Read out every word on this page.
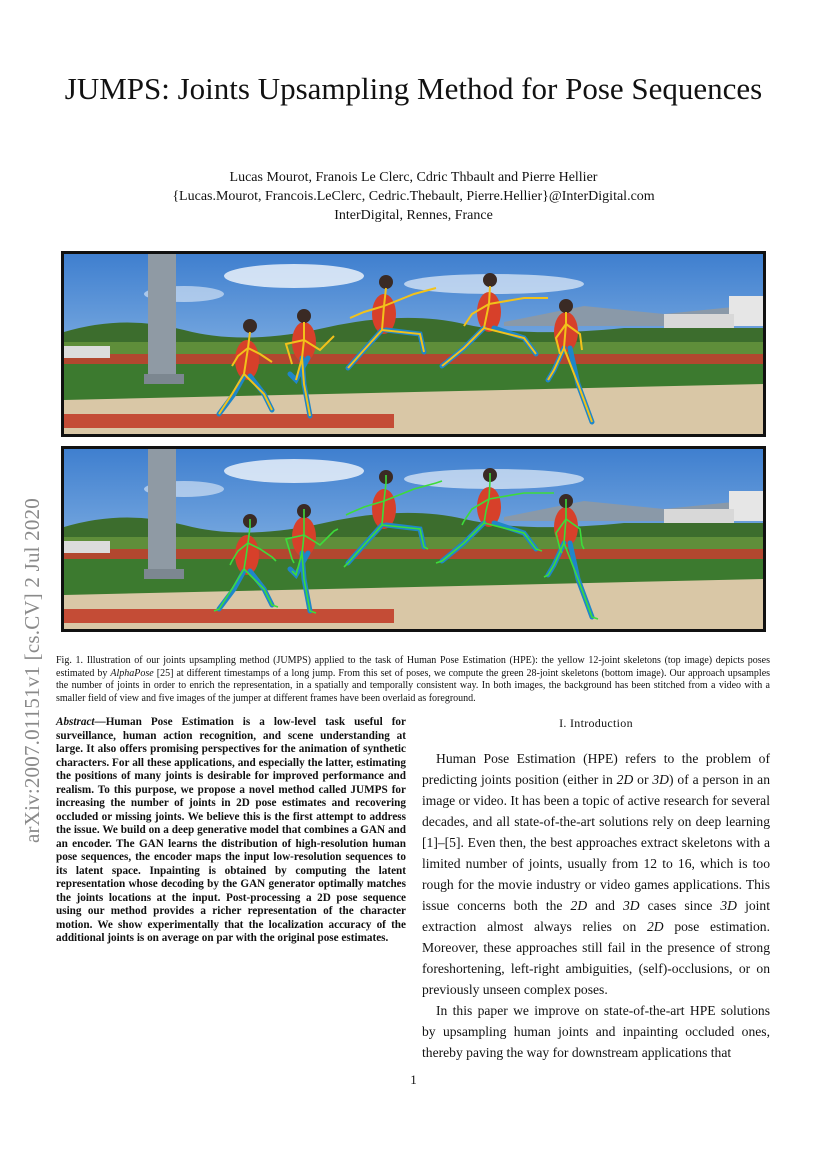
JUMPS: Joints Upsampling Method for Pose Sequences
Lucas Mourot, Franois Le Clerc, Cdric Thbault and Pierre Hellier
{Lucas.Mourot, Francois.LeClerc, Cedric.Thebault, Pierre.Hellier}@InterDigital.com
InterDigital, Rennes, France
arXiv:2007.01151v1 [cs.CV] 2 Jul 2020 Fig. 1. Illustration of our joints upsampling method (JUMPS) applied to the task of Human Pose Estimation (HPE): the yellow 12-joint skeletons (top image) depicts poses estimated by AlphaPose [25] at different timestamps of a long jump. From this set of poses, we compute the green 28-joint skeletons (bottom image). Our approach upsamples the number of joints in order to enrich the representation, in a spatially and temporally consistent way. In both images, the background has been stitched from a video with a smaller field of view and five images of the jumper at different frames have been overlaid as foreground.
Abstract—Human Pose Estimation is a low-level task useful for surveillance, human action recognition, and scene understanding at large. It also offers promising perspectives for the animation of synthetic characters. For all these applications, and especially the latter, estimating the positions of many joints is desirable for improved performance and realism. To this purpose, we propose a novel method called JUMPS for increasing the number of joints in 2D pose estimates and recovering occluded or missing joints. We believe this is the first attempt to address the issue. We build on a deep generative model that combines a GAN and an encoder. The GAN learns the distribution of high-resolution human pose sequences, the encoder maps the input low-resolution sequences to its latent space. Inpainting is obtained by computing the latent representation whose decoding by the GAN generator optimally matches the joints locations at the input. Post-processing a 2D pose sequence using our method provides a richer representation of the character motion. We show experimentally that the localization accuracy of the additional joints is on average on par with the original pose estimates.
I. Introduction

Human Pose Estimation (HPE) refers to the problem of predicting joints position (either in 2D or 3D) of a person in an image or video. It has been a topic of active research for several decades, and all state-of-the-art solutions rely on deep learning [1]–[5]. Even then, the best approaches extract skeletons with a limited number of joints, usually from 12 to 16, which is too rough for the movie industry or video games applications. This issue concerns both the 2D and 3D cases since 3D joint extraction almost always relies on 2D pose estimation. Moreover, these approaches still fail in the presence of strong foreshortening, left-right ambiguities, (self)-occlusions, or on previously unseen complex poses.

In this paper we improve on state-of-the-art HPE solutions by upsampling human joints and inpainting occluded ones, thereby paving the way for downstream applications that

1
